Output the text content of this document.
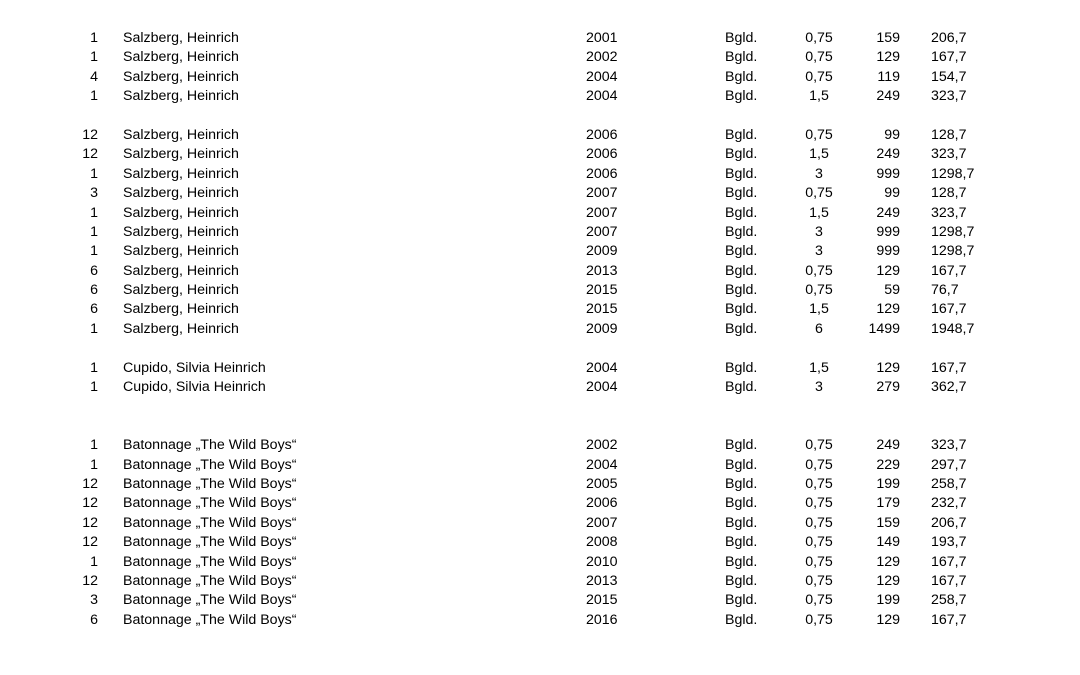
1 Salzberg, Heinrich	2001	Bgld.	0,75	159 206,7
1 Salzberg, Heinrich	2002	Bgld.	0,75	129 167,7
4 Salzberg, Heinrich	2004	Bgld.	0,75	119 154,7
1 Salzberg, Heinrich	2004	Bgld.	1,5	249 323,7
12 Salzberg, Heinrich	2006	Bgld.	0,75	99 128,7
12 Salzberg, Heinrich	2006	Bgld.	1,5	249 323,7
1 Salzberg, Heinrich	2006	Bgld.	3	999 1298,7
3 Salzberg, Heinrich	2007	Bgld.	0,75	99 128,7
1 Salzberg, Heinrich	2007	Bgld.	1,5	249 323,7
1 Salzberg, Heinrich	2007	Bgld.	3	999 1298,7
1 Salzberg, Heinrich	2009	Bgld.	3	999 1298,7
6 Salzberg, Heinrich	2013	Bgld.	0,75	129 167,7
6 Salzberg, Heinrich	2015	Bgld.	0,75	59 76,7
6 Salzberg, Heinrich	2015	Bgld.	1,5	129 167,7
1 Salzberg, Heinrich	2009	Bgld.	6	1499 1948,7
1 Cupido, Silvia Heinrich	2004	Bgld.	1,5	129 167,7
1 Cupido, Silvia Heinrich	2004	Bgld.	3	279 362,7
1 Batonnage „The Wild Boys“	2002	Bgld.	0,75	249 323,7
1 Batonnage „The Wild Boys“	2004	Bgld.	0,75	229 297,7
12 Batonnage „The Wild Boys“	2005	Bgld.	0,75	199 258,7
12 Batonnage „The Wild Boys“	2006	Bgld.	0,75	179 232,7
12 Batonnage „The Wild Boys“	2007	Bgld.	0,75	159 206,7
12 Batonnage „The Wild Boys“	2008	Bgld.	0,75	149 193,7
1 Batonnage „The Wild Boys“	2010	Bgld.	0,75	129 167,7
12 Batonnage „The Wild Boys“	2013	Bgld.	0,75	129 167,7
3 Batonnage „The Wild Boys“	2015	Bgld.	0,75	199 258,7
6 Batonnage „The Wild Boys“	2016	Bgld.	0,75	129 167,7
